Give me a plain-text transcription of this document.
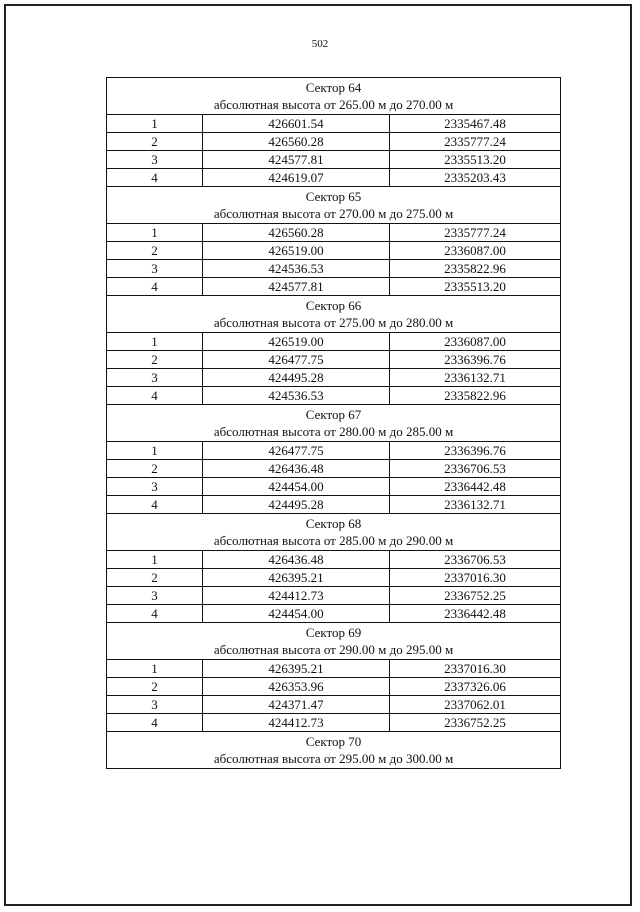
502
Сектор 64
абсолютная высота от 265.00 м до 270.00 м		

1	426601.54	2335467.48
2	426560.28	2335777.24
3	424577.81	2335513.20
4	424619.07	2335203.43

Сектор 65
абсолютная высота от 270.00 м до 275.00 м		

1	426560.28	2335777.24
2	426519.00	2336087.00
3	424536.53	2335822.96
4	424577.81	2335513.20

Сектор 66
абсолютная высота от 275.00 м до 280.00 м		

1	426519.00	2336087.00
2	426477.75	2336396.76
3	424495.28	2336132.71
4	424536.53	2335822.96

Сектор 67
абсолютная высота от 280.00 м до 285.00 м		

1	426477.75	2336396.76
2	426436.48	2336706.53
3	424454.00	2336442.48
4	424495.28	2336132.71

Сектор 68
абсолютная высота от 285.00 м до 290.00 м		

1	426436.48	2336706.53
2	426395.21	2337016.30
3	424412.73	2336752.25
4	424454.00	2336442.48

Сектор 69
абсолютная высота от 290.00 м до 295.00 м		

1	426395.21	2337016.30
2	426353.96	2337326.06
3	424371.47	2337062.01
4	424412.73	2336752.25

Сектор 70
абсолютная высота от 295.00 м до 300.00 м		
